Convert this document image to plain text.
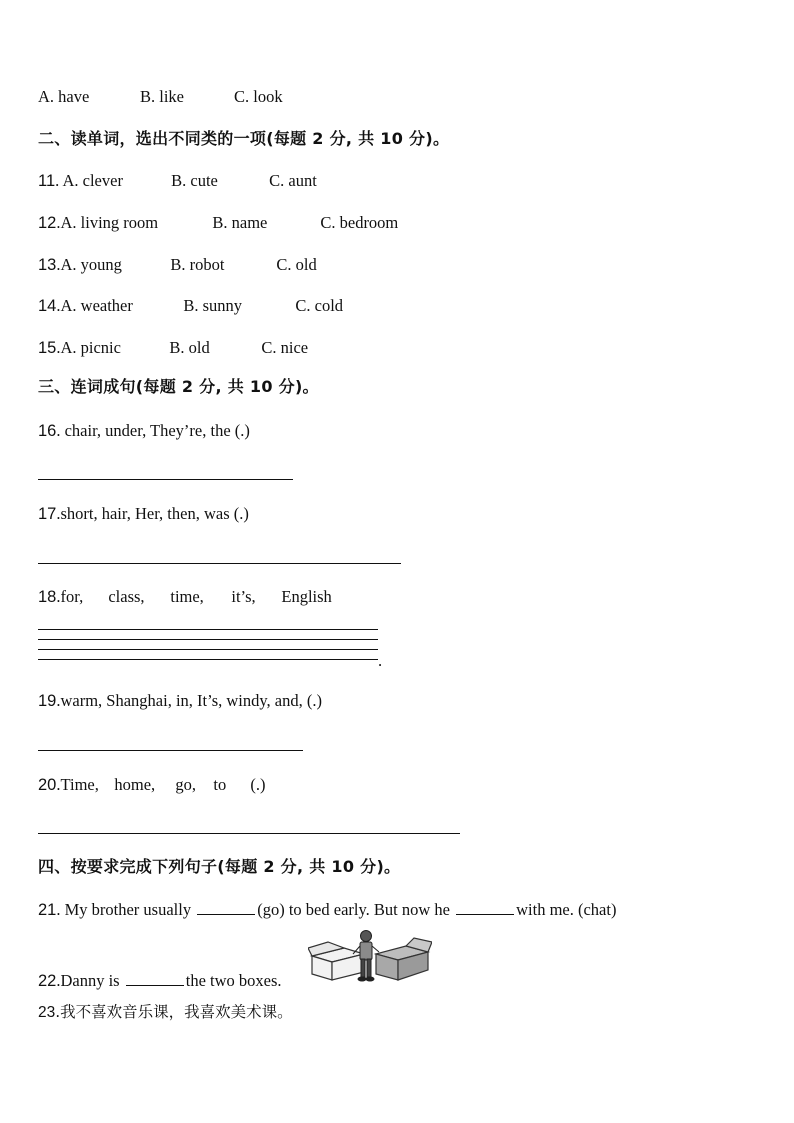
A. have	B. like	C. look
二、读单词，选出不同类的一项(每题 2 分, 共 10 分)。
11. A. clever	B. cute	C. aunt
12.A. living room	B. name	C. bedroom
13.A. young	B. robot	C. old
14.A. weather	B. sunny	C. cold
15.A. picnic	B. old	C. nice
三、连词成句(每题 2 分, 共 10 分)。
16. chair, under, They’re, the (.)
17.short, hair, Her, then, was (.)
18.for, class, time, it’s, English
.
19.warm, Shanghai, in, It’s, windy, and, (.)
20.Time, home, go, to (.)
四、按要求完成下列句子(每题 2 分, 共 10 分)。
21. My brother usually	(go) to bed early. But now he	with me. (chat)
22.Danny is	the two boxes.
23.我不喜欢音乐课，我喜欢美术课。
